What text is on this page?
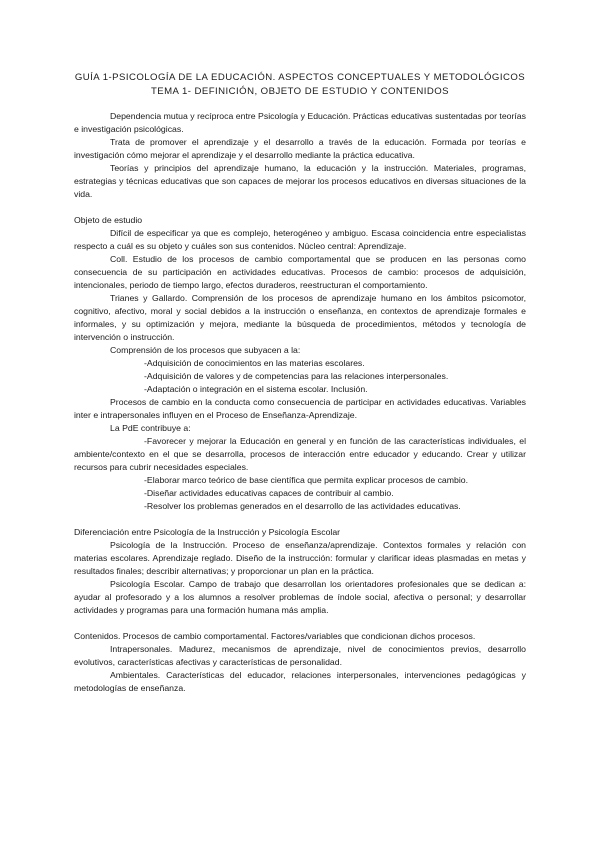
GUÍA 1-PSICOLOGÍA DE LA EDUCACIÓN. ASPECTOS CONCEPTUALES Y METODOLÓGICOS
TEMA 1- DEFINICIÓN, OBJETO DE ESTUDIO Y CONTENIDOS

Dependencia mutua y recíproca entre Psicología y Educación. Prácticas educativas sustentadas por teorías e investigación psicológicas.

Trata de promover el aprendizaje y el desarrollo a través de la educación. Formada por teorías e investigación cómo mejorar el aprendizaje y el desarrollo mediante la práctica educativa.

Teorías y principios del aprendizaje humano, la educación y la instrucción. Materiales, programas, estrategias y técnicas educativas que son capaces de mejorar los procesos educativos en diversas situaciones de la vida.

Objeto de estudio

Difícil de especificar ya que es complejo, heterogéneo y ambiguo. Escasa coincidencia entre especialistas respecto a cuál es su objeto y cuáles son sus contenidos. Núcleo central: Aprendizaje.

Coll. Estudio de los procesos de cambio comportamental que se producen en las personas como consecuencia de su participación en actividades educativas. Procesos de cambio: procesos de adquisición, intencionales, periodo de tiempo largo, efectos duraderos, reestructuran el comportamiento.

Trianes y Gallardo. Comprensión de los procesos de aprendizaje humano en los ámbitos psicomotor, cognitivo, afectivo, moral y social debidos a la instrucción o enseñanza, en contextos de aprendizaje formales e informales, y su optimización y mejora, mediante la búsqueda de procedimientos, métodos y tecnología de intervención o instrucción.

Comprensión de los procesos que subyacen a la:

-Adquisición de conocimientos en las materias escolares.

-Adquisición de valores y de competencias para las relaciones interpersonales.

-Adaptación o integración en el sistema escolar. Inclusión.

Procesos de cambio en la conducta como consecuencia de participar en actividades educativas. Variables inter e intrapersonales influyen en el Proceso de Enseñanza-Aprendizaje.

La PdE contribuye a:

-Favorecer y mejorar la Educación en general y en función de las características individuales, el ambiente/contexto en el que se desarrolla, procesos de interacción entre educador y educando. Crear y utilizar recursos para cubrir necesidades especiales.

-Elaborar marco teórico de base científica que permita explicar procesos de cambio.

-Diseñar actividades educativas capaces de contribuir al cambio.

-Resolver los problemas generados en el desarrollo de las actividades educativas.

Diferenciación entre Psicología de la Instrucción y Psicología Escolar

Psicología de la Instrucción. Proceso de enseñanza/aprendizaje. Contextos formales y relación con materias escolares. Aprendizaje reglado. Diseño de la instrucción: formular y clarificar ideas plasmadas en metas y resultados finales; describir alternativas; y proporcionar un plan en la práctica.

Psicología Escolar. Campo de trabajo que desarrollan los orientadores profesionales que se dedican a: ayudar al profesorado y a los alumnos a resolver problemas de índole social, afectiva o personal; y desarrollar actividades y programas para una formación humana más amplia.

Contenidos. Procesos de cambio comportamental. Factores/variables que condicionan dichos procesos.

Intrapersonales. Madurez, mecanismos de aprendizaje, nivel de conocimientos previos, desarrollo evolutivos, características afectivas y características de personalidad.

Ambientales. Características del educador, relaciones interpersonales, intervenciones pedagógicas y metodologías de enseñanza.
